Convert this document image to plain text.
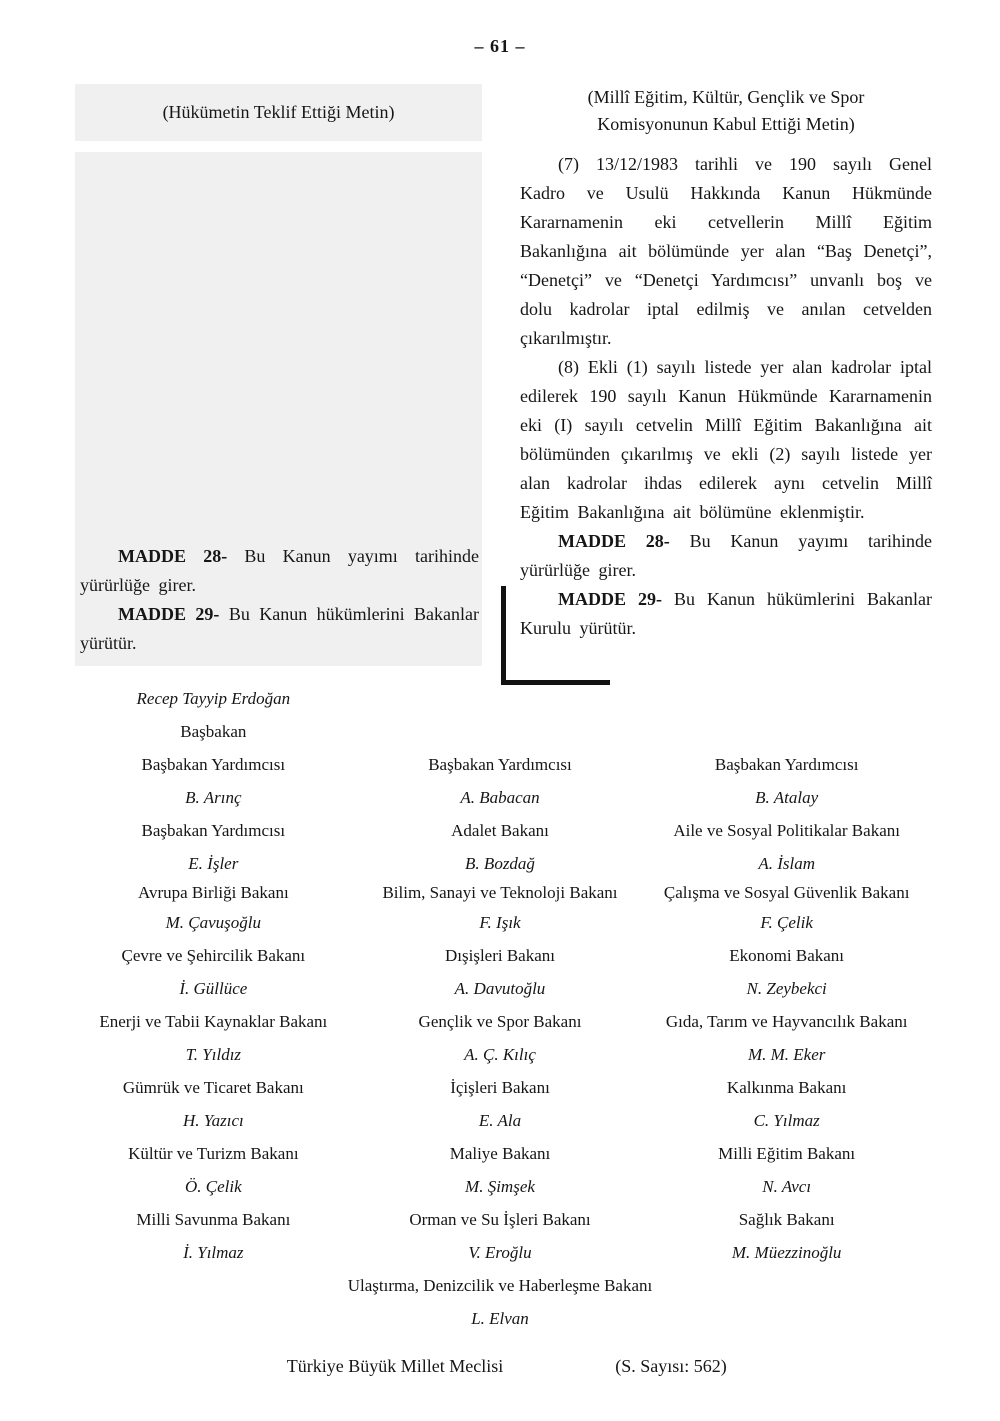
– 61 –
(Hükümetin Teklif Ettiği Metin)

MADDE 28- Bu Kanun yayımı tarihinde yürürlüğe girer.

MADDE 29- Bu Kanun hükümlerini Bakanlar yürütür.

(Millî Eğitim, Kültür, Gençlik ve Spor
Komisyonunun Kabul Ettiği Metin)

(7) 13/12/1983 tarihli ve 190 sayılı Genel Kadro ve Usulü Hakkında Kanun Hükmünde Kararnamenin eki cetvellerin Millî Eğitim Bakanlığına ait bölümünde yer alan “Baş Denetçi”, “Denetçi” ve “Denetçi Yardımcısı” unvanlı boş ve dolu kadrolar iptal edilmiş ve anılan cetvelden çıkarılmıştır.

(8) Ekli (1) sayılı listede yer alan kadrolar iptal edilerek 190 sayılı Kanun Hükmünde Kararnamenin eki (I) sayılı cetvelin Millî Eğitim Bakanlığına ait bölümünden çıkarılmış ve ekli (2) sayılı listede yer alan kadrolar ihdas edilerek aynı cetvelin Millî Eğitim Bakanlığına ait bölümüne eklenmiştir.

MADDE 28- Bu Kanun yayımı tarihinde yürürlüğe girer.

MADDE 29- Bu Kanun hükümlerini Bakanlar Kurulu yürütür.

Recep Tayyip Erdoğan
Başbakan
Başbakan Yardımcısı	Başbakan Yardımcısı	Başbakan Yardımcısı
B. Arınç	A. Babacan	B. Atalay
Başbakan Yardımcısı	Adalet Bakanı	Aile ve Sosyal Politikalar Bakanı
E. İşler	B. Bozdağ	A. İslam
Avrupa Birliği Bakanı	Bilim, Sanayi ve Teknoloji Bakanı	Çalışma ve Sosyal Güvenlik Bakanı
M. Çavuşoğlu	F. Işık	F. Çelik
Çevre ve Şehircilik Bakanı	Dışişleri Bakanı	Ekonomi Bakanı
İ. Güllüce	A. Davutoğlu	N. Zeybekci
Enerji ve Tabii Kaynaklar Bakanı	Gençlik ve Spor Bakanı	Gıda, Tarım ve Hayvancılık Bakanı
T. Yıldız	A. Ç. Kılıç	M. M. Eker
Gümrük ve Ticaret Bakanı	İçişleri Bakanı	Kalkınma Bakanı
H. Yazıcı	E. Ala	C. Yılmaz
Kültür ve Turizm Bakanı	Maliye Bakanı	Milli Eğitim Bakanı
Ö. Çelik	M. Şimşek	N. Avcı
Milli Savunma Bakanı	Orman ve Su İşleri Bakanı	Sağlık Bakanı
İ. Yılmaz	V. Eroğlu	M. Müezzinoğlu
Ulaştırma, Denizcilik ve Haberleşme Bakanı
L. Elvan
Türkiye Büyük Millet Meclisi	(S. Sayısı: 562)
